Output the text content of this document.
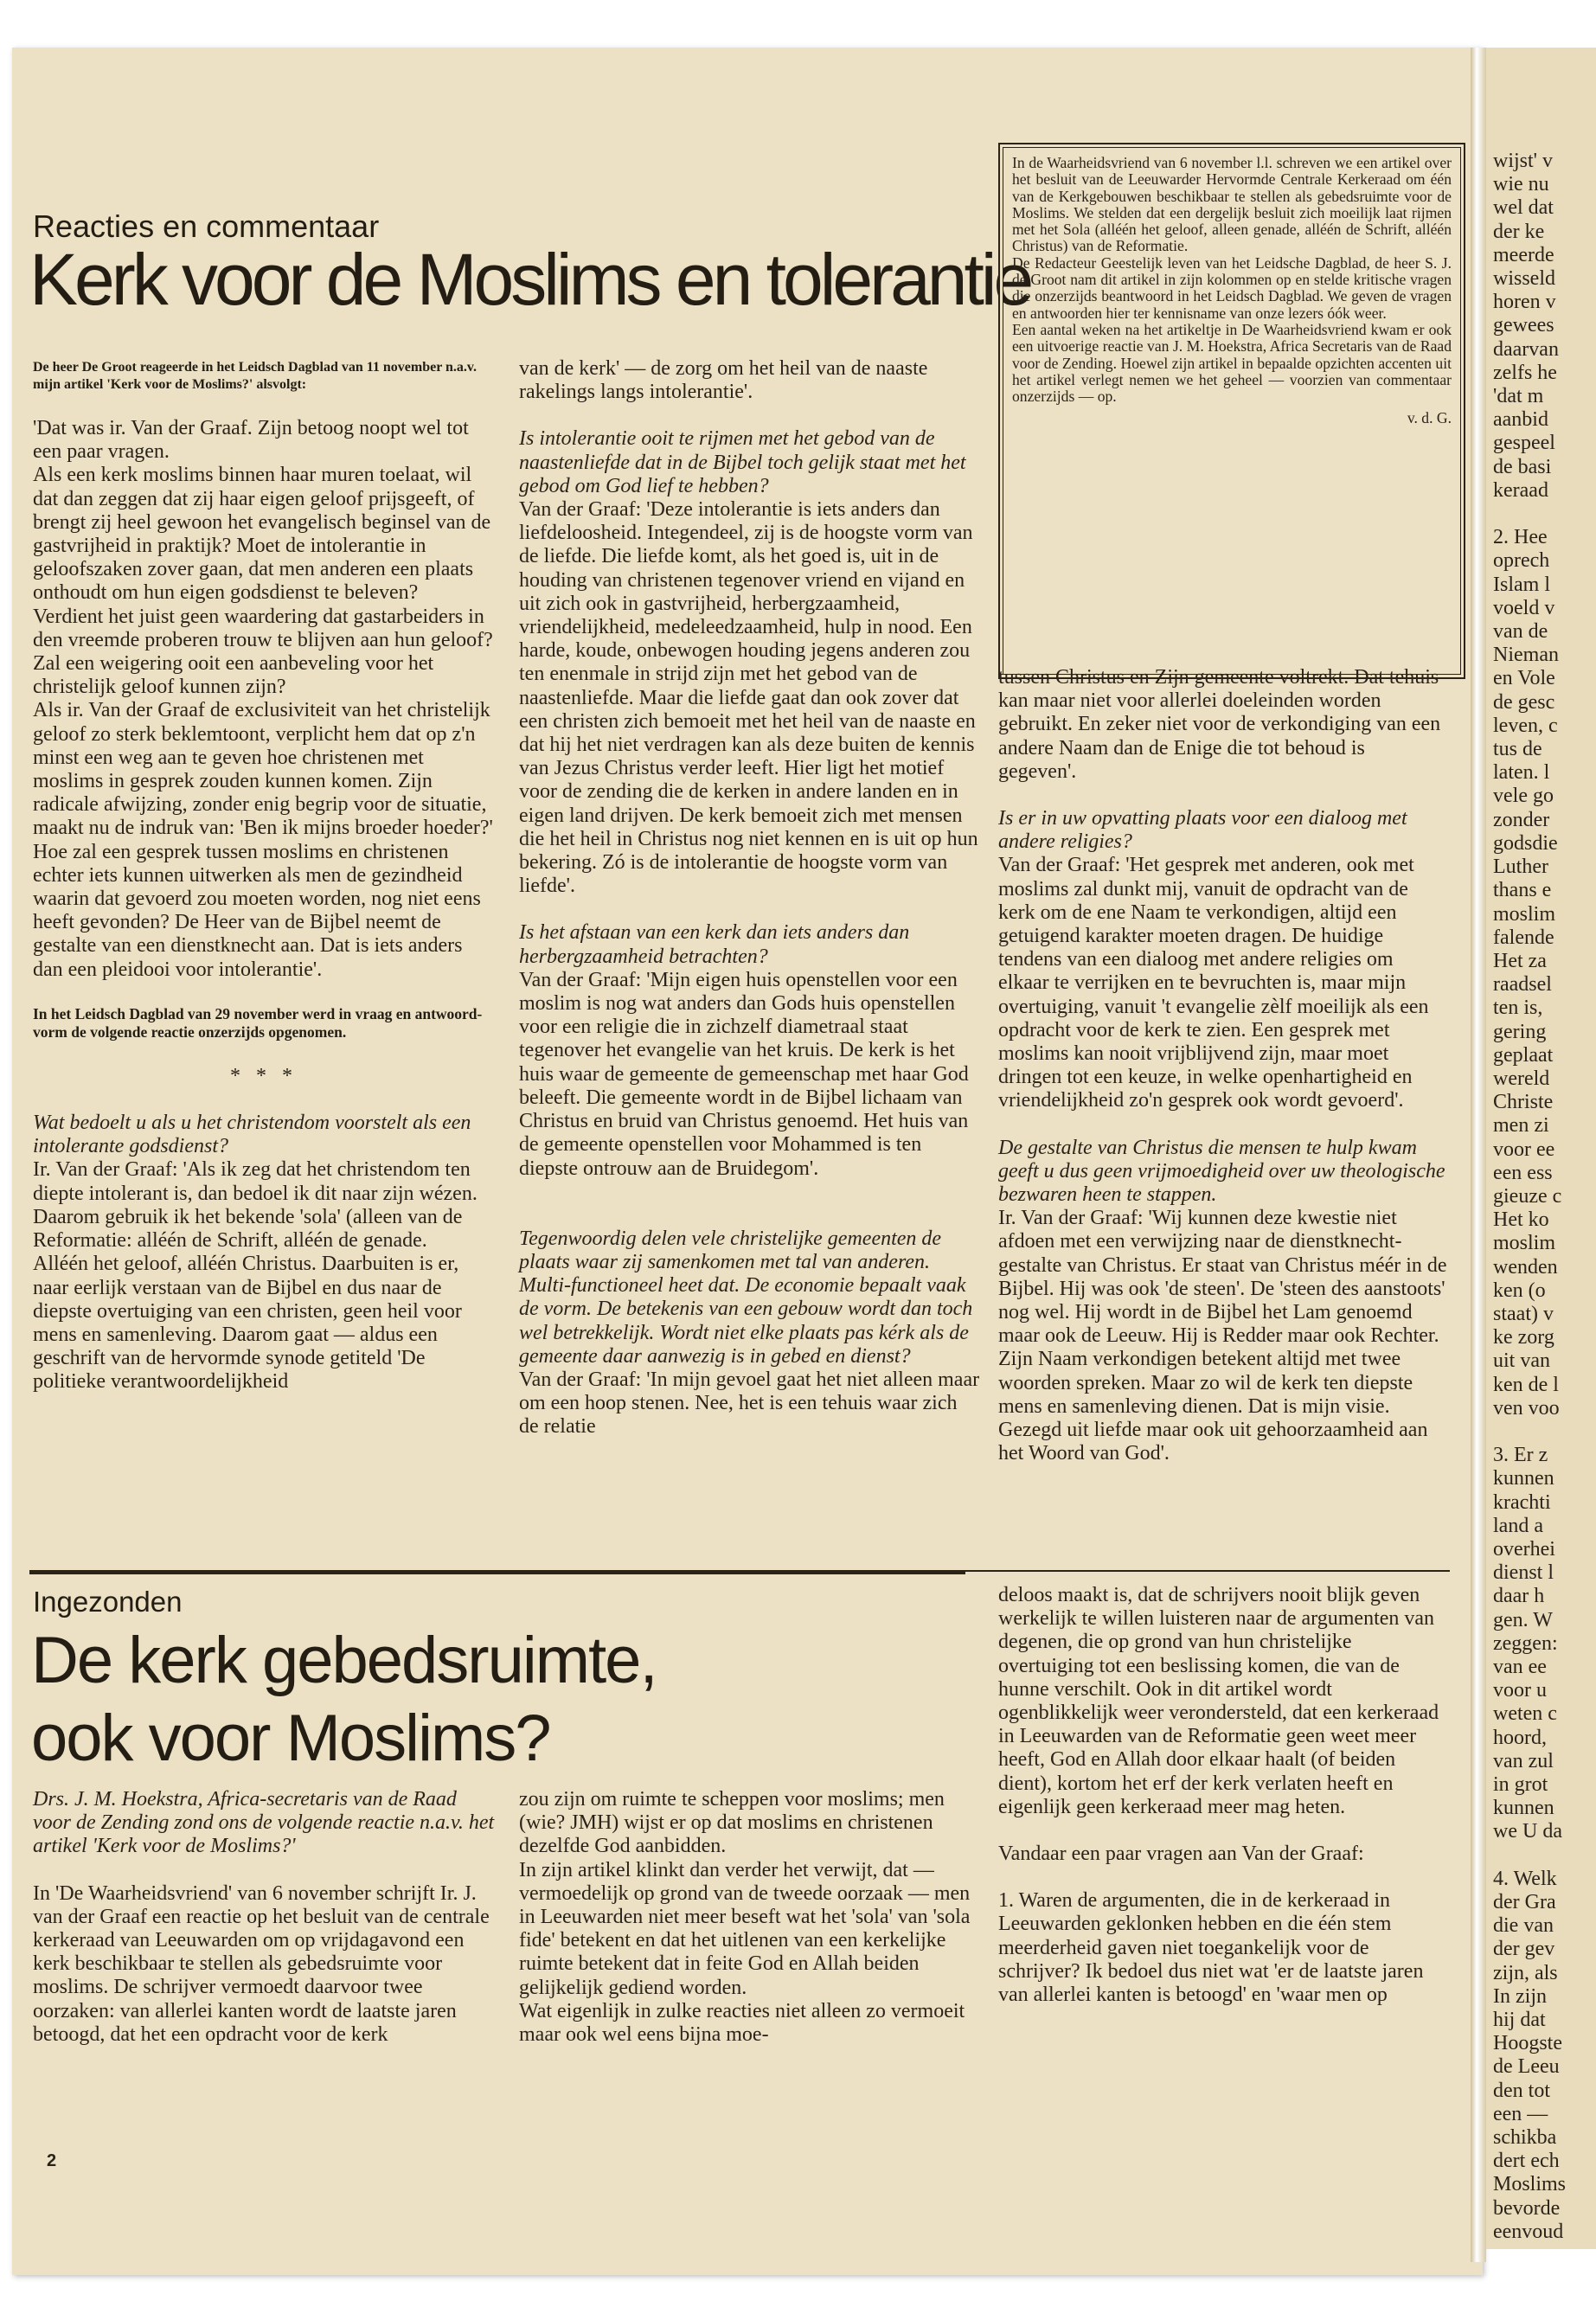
Reacties en commentaar
Kerk voor de Moslims en tolerantie
De heer De Groot reageerde in het Leidsch Dagblad van 11 november n.a.v. mijn artikel 'Kerk voor de Moslims?' alsvolgt:

'Dat was ir. Van der Graaf. Zijn betoog noopt wel tot een paar vragen.

Als een kerk moslims binnen haar muren toelaat, wil dat dan zeggen dat zij haar eigen geloof prijsgeeft, of brengt zij heel gewoon het evangelisch beginsel van de gastvrijheid in praktijk? Moet de intolerantie in geloofszaken zover gaan, dat men anderen een plaats onthoudt om hun eigen godsdienst te beleven?

Verdient het juist geen waardering dat gastarbeiders in den vreemde proberen trouw te blijven aan hun geloof?

Zal een weigering ooit een aanbeveling voor het christelijk geloof kunnen zijn?

Als ir. Van der Graaf de exclusiviteit van het christelijk geloof zo sterk beklemtoont, verplicht hem dat op z'n minst een weg aan te geven hoe christenen met moslims in gesprek zouden kunnen komen. Zijn radicale afwijzing, zonder enig begrip voor de situatie, maakt nu de indruk van: 'Ben ik mijns broeder hoeder?' Hoe zal een gesprek tussen moslims en christenen echter iets kunnen uitwerken als men de gezindheid waarin dat gevoerd zou moeten worden, nog niet eens heeft gevonden? De Heer van de Bijbel neemt de gestalte van een dienstknecht aan. Dat is iets anders dan een pleidooi voor intolerantie'.

In het Leidsch Dagblad van 29 november werd in vraag en antwoord-vorm de volgende reactie onzerzijds opgenomen.

* * *

Wat bedoelt u als u het christendom voorstelt als een intolerante godsdienst?

Ir. Van der Graaf: 'Als ik zeg dat het christendom ten diepte intolerant is, dan bedoel ik dit naar zijn wézen. Daarom gebruik ik het bekende 'sola' (alleen van de Reformatie: alléén de Schrift, alléén de genade.

Alléén het geloof, alléén Christus. Daarbuiten is er, naar eerlijk verstaan van de Bijbel en dus naar de diepste overtuiging van een christen, geen heil voor mens en samenleving. Daarom gaat — aldus een geschrift van de hervormde synode getiteld 'De politieke verantwoordelijkheid

van de kerk' — de zorg om het heil van de naaste rakelings langs intolerantie'.

Is intolerantie ooit te rijmen met het gebod van de naastenliefde dat in de Bijbel toch gelijk staat met het gebod om God lief te hebben?

Van der Graaf: 'Deze intolerantie is iets anders dan liefdeloosheid. Integendeel, zij is de hoogste vorm van de liefde. Die liefde komt, als het goed is, uit in de houding van christenen tegenover vriend en vijand en uit zich ook in gastvrijheid, herbergzaamheid, vriendelijkheid, medeleedzaamheid, hulp in nood. Een harde, koude, onbewogen houding jegens anderen zou ten enenmale in strijd zijn met het gebod van de naastenliefde. Maar die liefde gaat dan ook zover dat een christen zich bemoeit met het heil van de naaste en dat hij het niet verdragen kan als deze buiten de kennis van Jezus Christus verder leeft. Hier ligt het motief voor de zending die de kerken in andere landen en in eigen land drijven. De kerk bemoeit zich met mensen die het heil in Christus nog niet kennen en is uit op hun bekering. Zó is de intolerantie de hoogste vorm van liefde'.

Is het afstaan van een kerk dan iets anders dan herbergzaamheid betrachten?

Van der Graaf: 'Mijn eigen huis openstellen voor een moslim is nog wat anders dan Gods huis openstellen voor een religie die in zichzelf diametraal staat tegenover het evangelie van het kruis. De kerk is het huis waar de gemeente de gemeenschap met haar God beleeft. Die gemeente wordt in de Bijbel lichaam van Christus en bruid van Christus genoemd. Het huis van de gemeente openstellen voor Mohammed is ten diepste ontrouw aan de Bruidegom'.

Tegenwoordig delen vele christelijke gemeenten de plaats waar zij samenkomen met tal van anderen. Multi-functioneel heet dat. De economie bepaalt vaak de vorm. De betekenis van een gebouw wordt dan toch wel betrekkelijk. Wordt niet elke plaats pas kérk als de gemeente daar aanwezig is in gebed en dienst?

Van der Graaf: 'In mijn gevoel gaat het niet alleen maar om een hoop stenen. Nee, het is een tehuis waar zich de relatie

In de Waarheidsvriend van 6 november l.l. schreven we een artikel over het besluit van de Leeuwarder Hervormde Centrale Kerkeraad om één van de Kerkgebouwen beschikbaar te stellen als gebedsruimte voor de Moslims. We stelden dat een dergelijk besluit zich moeilijk laat rijmen met het Sola (alléén het geloof, alleen genade, alléén de Schrift, alléén Christus) van de Reformatie.

De Redacteur Geestelijk leven van het Leidsche Dagblad, de heer S. J. de Groot nam dit artikel in zijn kolommen op en stelde kritische vragen die onzerzijds beantwoord in het Leidsch Dagblad. We geven de vragen en antwoorden hier ter kennisname van onze lezers óók weer.

Een aantal weken na het artikeltje in De Waarheidsvriend kwam er ook een uitvoerige reactie van J. M. Hoekstra, Africa Secretaris van de Raad voor de Zending. Hoewel zijn artikel in bepaalde opzichten accenten uit het artikel verlegt nemen we het geheel — voorzien van commentaar onzerzijds — op.

v. d. G.

tussen Christus en Zijn gemeente voltrekt. Dat tehuis kan maar niet voor allerlei doeleinden worden gebruikt. En zeker niet voor de verkondiging van een andere Naam dan de Enige die tot behoud is gegeven'.

Is er in uw opvatting plaats voor een dialoog met andere religies?

Van der Graaf: 'Het gesprek met anderen, ook met moslims zal dunkt mij, vanuit de opdracht van de kerk om de ene Naam te verkondigen, altijd een getuigend karakter moeten dragen. De huidige tendens van een dialoog met andere religies om elkaar te verrijken en te bevruchten is, maar mijn overtuiging, vanuit 't evangelie zèlf moeilijk als een opdracht voor de kerk te zien. Een gesprek met moslims kan nooit vrijblijvend zijn, maar moet dringen tot een keuze, in welke openhartigheid en vriendelijkheid zo'n gesprek ook wordt gevoerd'.

De gestalte van Christus die mensen te hulp kwam geeft u dus geen vrijmoedigheid over uw theologische bezwaren heen te stappen.

Ir. Van der Graaf: 'Wij kunnen deze kwestie niet afdoen met een verwijzing naar de dienstknecht-gestalte van Christus. Er staat van Christus méér in de Bijbel. Hij was ook 'de steen'. De 'steen des aanstoots' nog wel. Hij wordt in de Bijbel het Lam genoemd maar ook de Leeuw. Hij is Redder maar ook Rechter. Zijn Naam verkondigen betekent altijd met twee woorden spreken. Maar zo wil de kerk ten diepste mens en samenleving dienen. Dat is mijn visie. Gezegd uit liefde maar ook uit gehoorzaamheid aan het Woord van God'.

Ingezonden
De kerk gebedsruimte,
ook voor Moslims?

Drs. J. M. Hoekstra, Africa-secretaris van de Raad voor de Zending zond ons de volgende reactie n.a.v. het artikel 'Kerk voor de Moslims?'

In 'De Waarheidsvriend' van 6 november schrijft Ir. J. van der Graaf een reactie op het besluit van de centrale kerkeraad van Leeuwarden om op vrijdagavond een kerk beschikbaar te stellen als gebedsruimte voor moslims. De schrijver vermoedt daarvoor twee oorzaken: van allerlei kanten wordt de laatste jaren betoogd, dat het een opdracht voor de kerk

zou zijn om ruimte te scheppen voor moslims; men (wie? JMH) wijst er op dat moslims en christenen dezelfde God aanbidden.

In zijn artikel klinkt dan verder het verwijt, dat — vermoedelijk op grond van de tweede oorzaak — men in Leeuwarden niet meer beseft wat het 'sola' van 'sola fide' betekent en dat het uitlenen van een kerkelijke ruimte betekent dat in feite God en Allah beiden gelijkelijk gediend worden.

Wat eigenlijk in zulke reacties niet alleen zo vermoeit maar ook wel eens bijna moe-

deloos maakt is, dat de schrijvers nooit blijk geven werkelijk te willen luisteren naar de argumenten van degenen, die op grond van hun christelijke overtuiging tot een beslissing komen, die van de hunne verschilt. Ook in dit artikel wordt ogenblikkelijk weer verondersteld, dat een kerkeraad in Leeuwarden van de Reformatie geen weet meer heeft, God en Allah door elkaar haalt (of beiden dient), kortom het erf der kerk verlaten heeft en eigenlijk geen kerkeraad meer mag heten.

Vandaar een paar vragen aan Van der Graaf:

1. Waren de argumenten, die in de kerkeraad in Leeuwarden geklonken hebben en die één stem meerderheid gaven niet toegankelijk voor de schrijver? Ik bedoel dus niet wat 'er de laatste jaren van allerlei kanten is betoogd' en 'waar men op

2

wijst' v

wie nu

wel dat

der ke

meerde

wisseld

horen v

gewees

daarvan

zelfs he

'dat m

aanbid

gespeel

de basi

keraad

2. Hee

oprech

Islam l

voeld v

van de

Nieman

en Vole

de gesc

leven, c

tus de

laten. l

vele go

zonder

godsdie

Luther

thans e

moslim

falende

Het za

raadsel

ten is,

gering

geplaat

wereld

Christe

men zi

voor ee

een ess

gieuze c

Het ko

moslim

wenden

ken (o

staat) v

ke zorg

uit van

ken de l

ven voo

3. Er z

kunnen

krachti

land a

overhei

dienst l

daar h

gen. W

zeggen:

van ee

voor u

weten c

hoord,

van zul

in grot

kunnen

we U da

4. Welk

der Gra

die van

der gev

zijn, als

In zijn

hij dat

Hoogste

de Leeu

den tot

een —

schikba

dert ech

Moslims

bevorde

eenvoud
